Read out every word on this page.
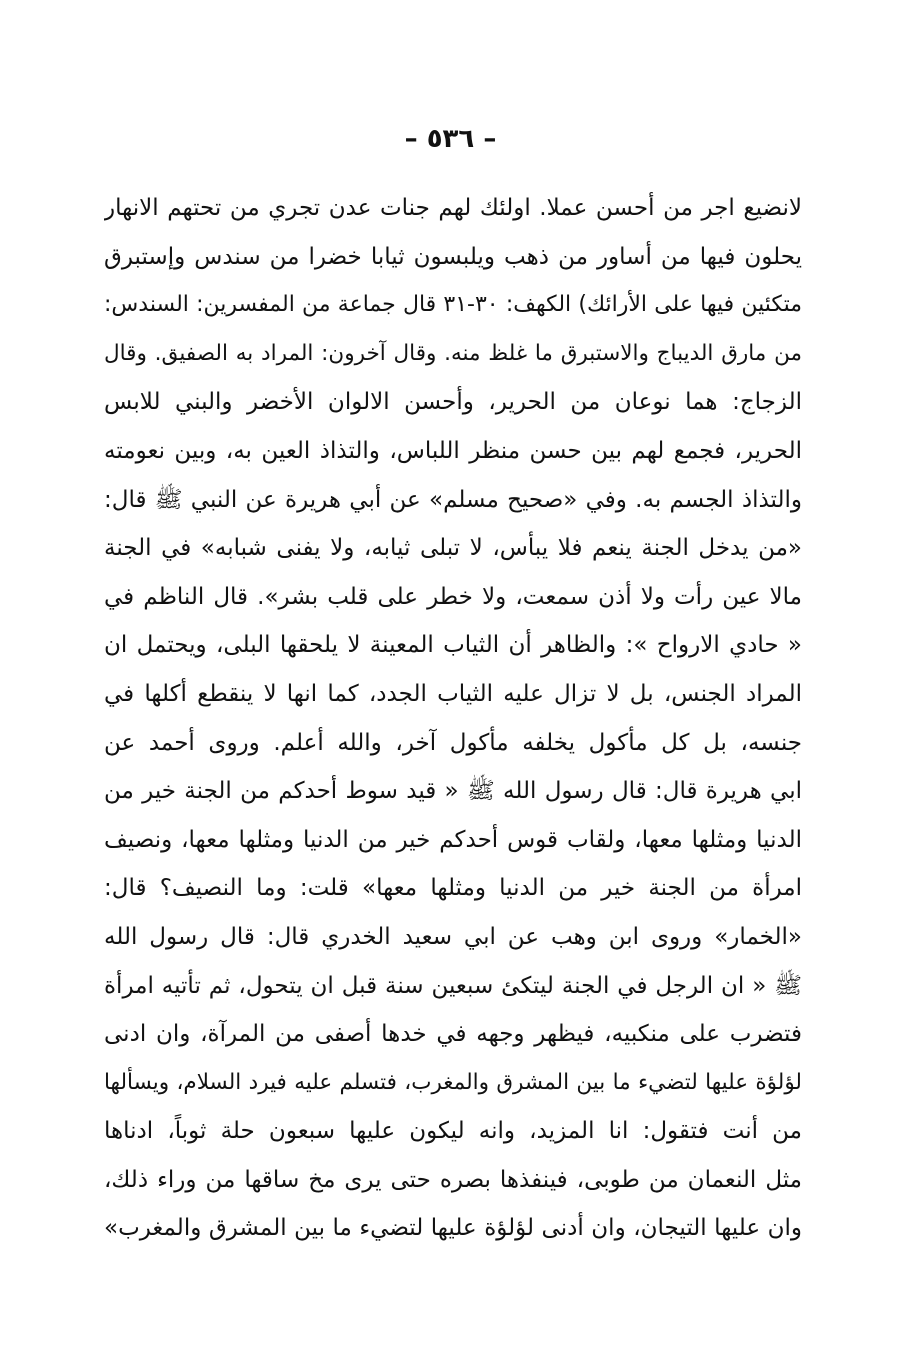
– ٥٣٦ –
لانضيع اجر من أحسن عملا. اولئك لهم جنات عدن تجري من تحتهم الانهار
يحلون فيها من أساور من ذهب ويلبسون ثيابا خضرا من سندس وإستبرق
متكئين فيها على الأرائك) الكهف: ٣٠-٣١ قال جماعة من المفسرين: السندس:
من مارق الديباج والاستبرق ما غلظ منه. وقال آخرون: المراد به الصفيق. وقال
الزجاج: هما نوعان من الحرير، وأحسن الالوان الأخضر والبني للابس
الحرير، فجمع لهم بين حسن منظر اللباس، والتذاذ العين به، وبين نعومته
والتذاذ الجسم به. وفي «صحيح مسلم» عن أبي هريرة عن النبي ﷺ قال:
«من يدخل الجنة ينعم فلا يبأس، لا تبلى ثيابه، ولا يفنى شبابه» في الجنة
مالا عين رأت ولا أذن سمعت، ولا خطر على قلب بشر». قال الناظم في
« حادي الارواح »: والظاهر أن الثياب المعينة لا يلحقها البلى، ويحتمل ان
المراد الجنس، بل لا تزال عليه الثياب الجدد، كما انها لا ينقطع أكلها في
جنسه، بل كل مأكول يخلفه مأكول آخر، والله أعلم. وروى أحمد عن
ابي هريرة قال: قال رسول الله ﷺ « قيد سوط أحدكم من الجنة خير من
الدنيا ومثلها معها، ولقاب قوس أحدكم خير من الدنيا ومثلها معها، ونصيف
امرأة من الجنة خير من الدنيا ومثلها معها» قلت: وما النصيف؟ قال:
«الخمار» وروى ابن وهب عن ابي سعيد الخدري قال: قال رسول الله
ﷺ « ان الرجل في الجنة ليتكئ سبعين سنة قبل ان يتحول، ثم تأتيه امرأة
فتضرب على منكبيه، فيظهر وجهه في خدها أصفى من المرآة، وان ادنى
لؤلؤة عليها لتضيء ما بين المشرق والمغرب، فتسلم عليه فيرد السلام، ويسألها
من أنت فتقول: انا المزيد، وانه ليكون عليها سبعون حلة ثوباً، ادناها
مثل النعمان من طوبى، فينفذها بصره حتى يرى مخ ساقها من وراء ذلك،
وان عليها التيجان، وان أدنى لؤلؤة عليها لتضيء ما بين المشرق والمغرب»
